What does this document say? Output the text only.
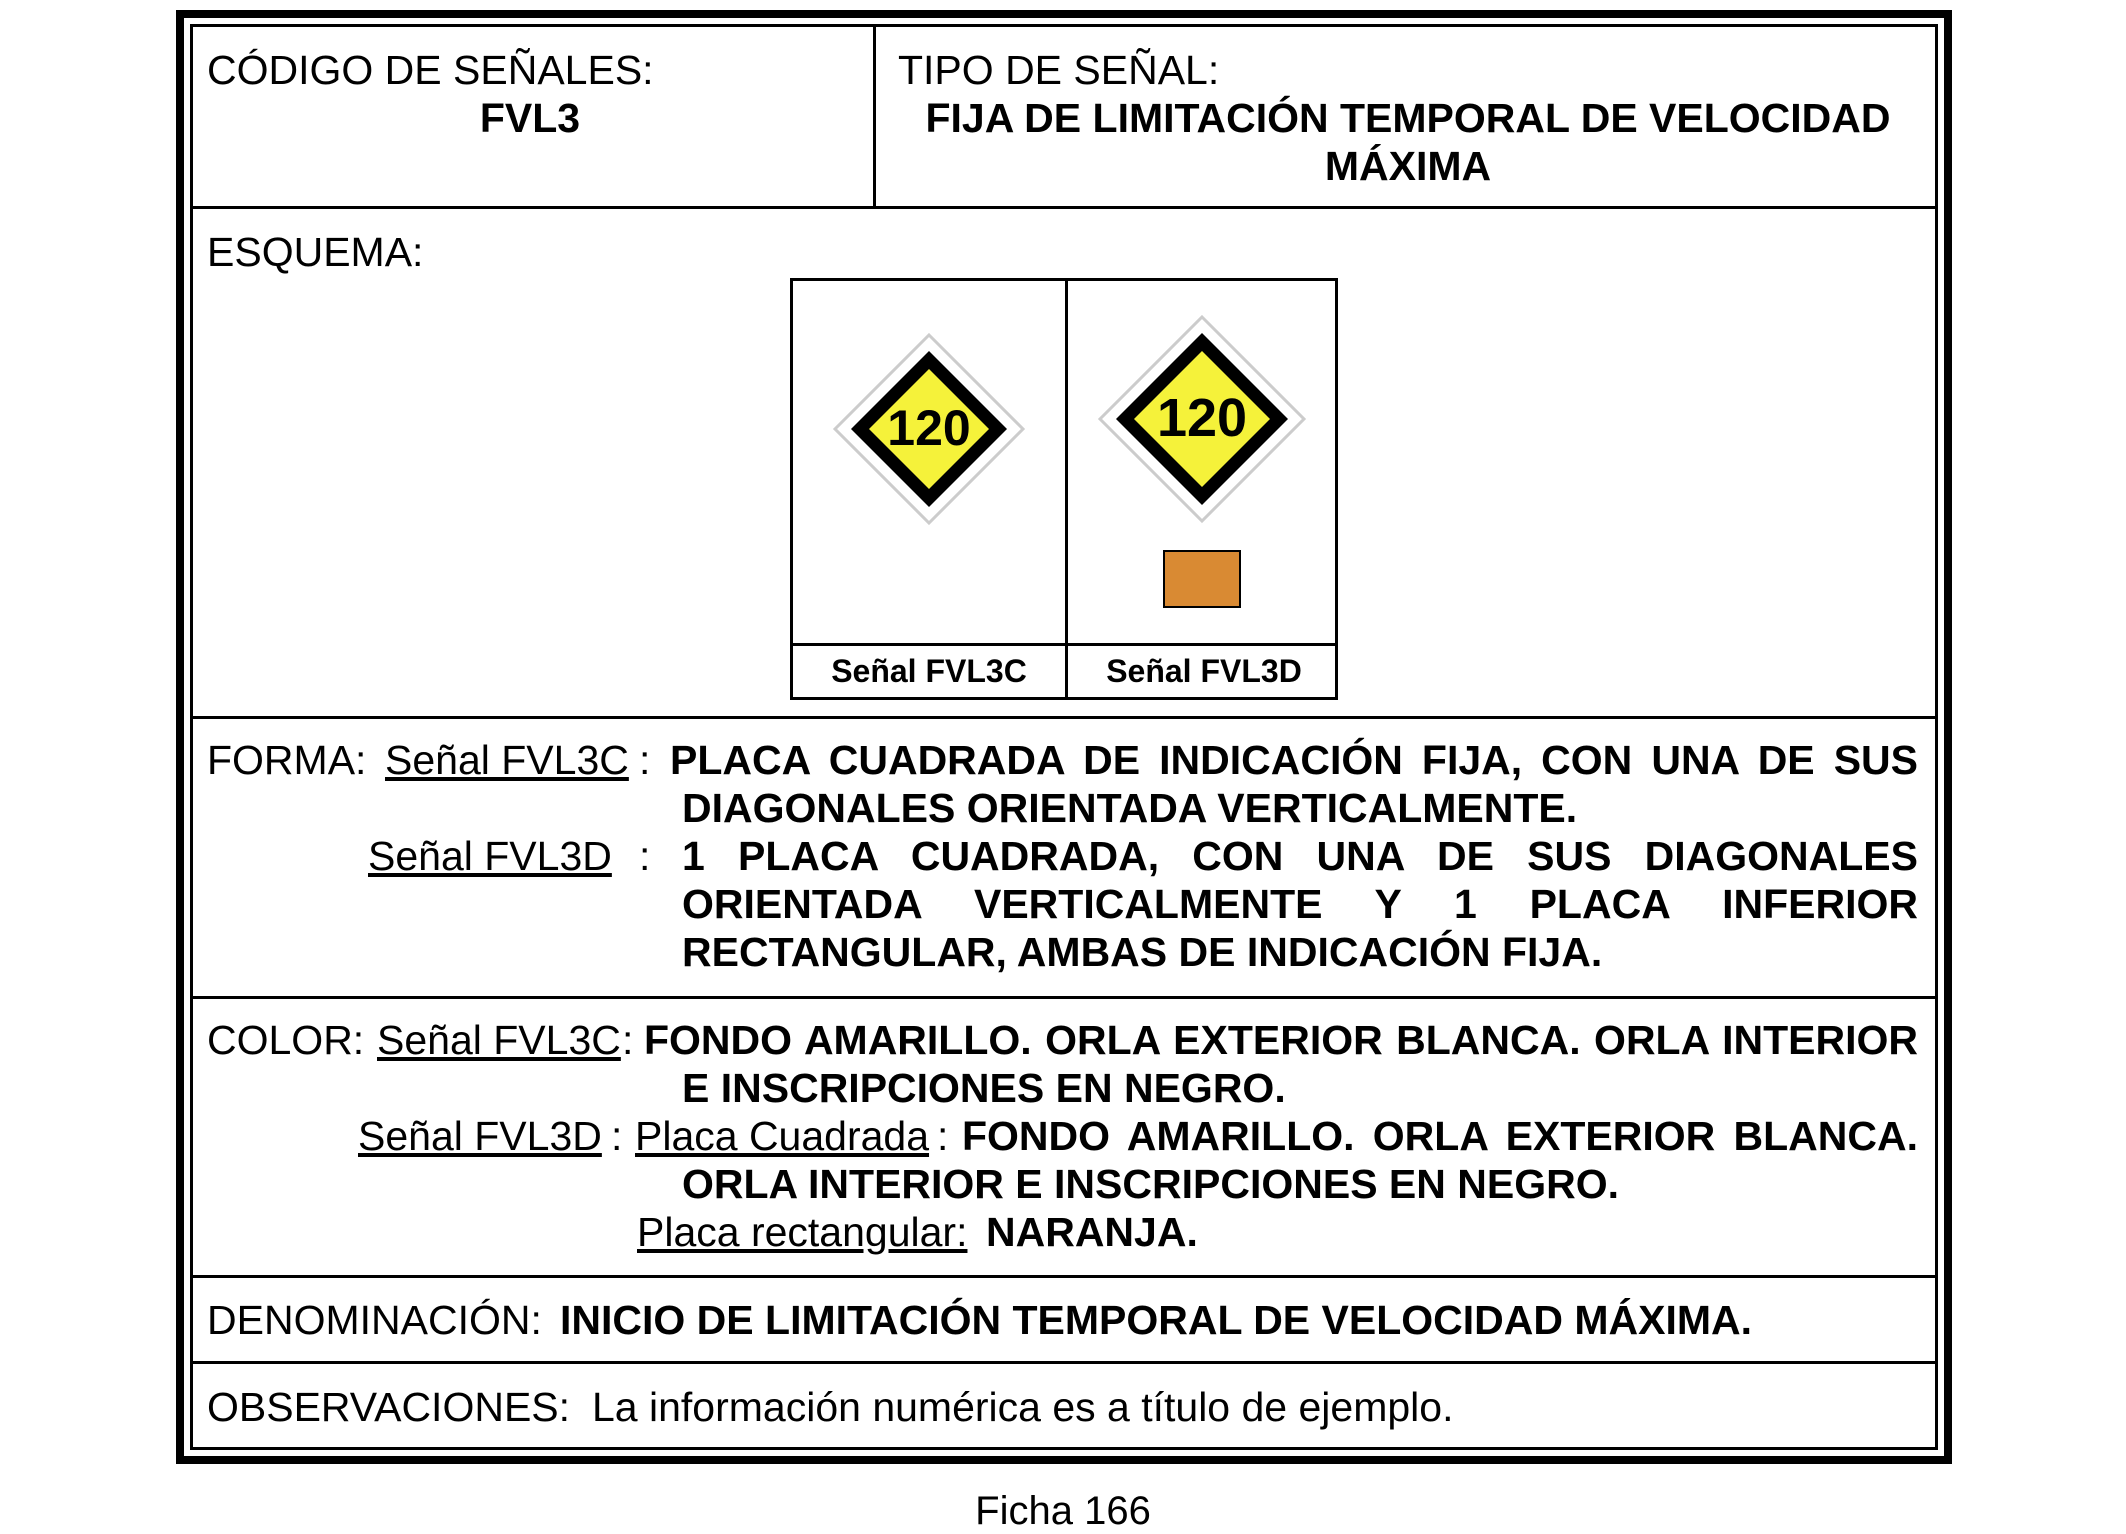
CÓDIGO DE SEÑALES:
FVL3
TIPO DE SEÑAL:
FIJA DE LIMITACIÓN TEMPORAL DE VELOCIDAD
MÁXIMA
ESQUEMA:
120	120
Señal FVL3C	Señal FVL3D
FORMA: Señal FVL3C : PLACA CUADRADA DE INDICACIÓN FIJA, CON UNA DE SUS
DIAGONALES ORIENTADA VERTICALMENTE.
Señal FVL3D : 1 PLACA CUADRADA, CON UNA DE SUS DIAGONALES
ORIENTADA VERTICALMENTE Y 1 PLACA INFERIOR
RECTANGULAR, AMBAS DE INDICACIÓN FIJA.
COLOR: Señal FVL3C : FONDO AMARILLO. ORLA EXTERIOR BLANCA. ORLA INTERIOR
E INSCRIPCIONES EN NEGRO.
Señal FVL3D : Placa Cuadrada : FONDO AMARILLO. ORLA EXTERIOR BLANCA.
ORLA INTERIOR E INSCRIPCIONES EN NEGRO.
Placa rectangular: NARANJA.
DENOMINACIÓN: INICIO DE LIMITACIÓN TEMPORAL DE VELOCIDAD MÁXIMA.
OBSERVACIONES: La información numérica es a título de ejemplo.
Ficha 166
